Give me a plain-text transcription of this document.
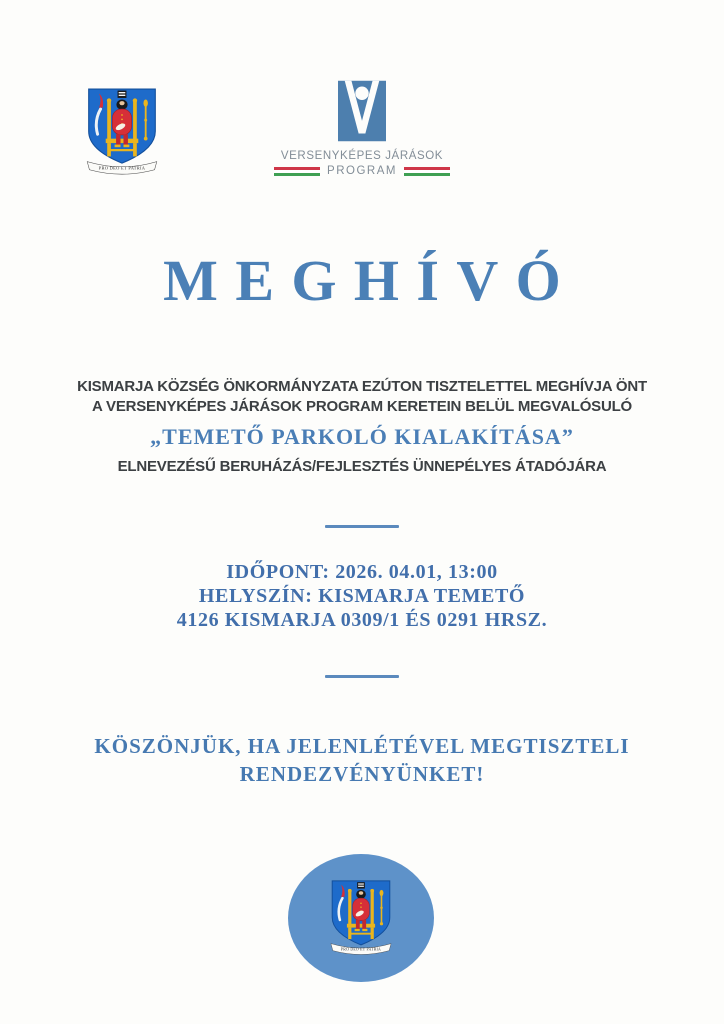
PRO DEO ET PATRIA
VERSENYKÉPES JÁRÁSOK
PROGRAM
MEGHÍVÓ
KISMARJA KÖZSÉG ÖNKORMÁNYZATA EZÚTON TISZTELETTEL MEGHÍVJA ÖNT
A VERSENYKÉPES JÁRÁSOK PROGRAM KERETEIN BELÜL MEGVALÓSULÓ
„TEMETŐ PARKOLÓ KIALAKÍTÁSA”
ELNEVEZÉSŰ BERUHÁZÁS/FEJLESZTÉS ÜNNEPÉLYES ÁTADÓJÁRA
IDŐPONT: 2026. 04.01, 13:00
HELYSZÍN: KISMARJA TEMETŐ
4126 KISMARJA 0309/1 ÉS 0291 HRSZ.
KÖSZÖNJÜK, HA JELENLÉTÉVEL MEGTISZTELI
RENDEZVÉNYÜNKET!
PRO DEO ET PATRIA
